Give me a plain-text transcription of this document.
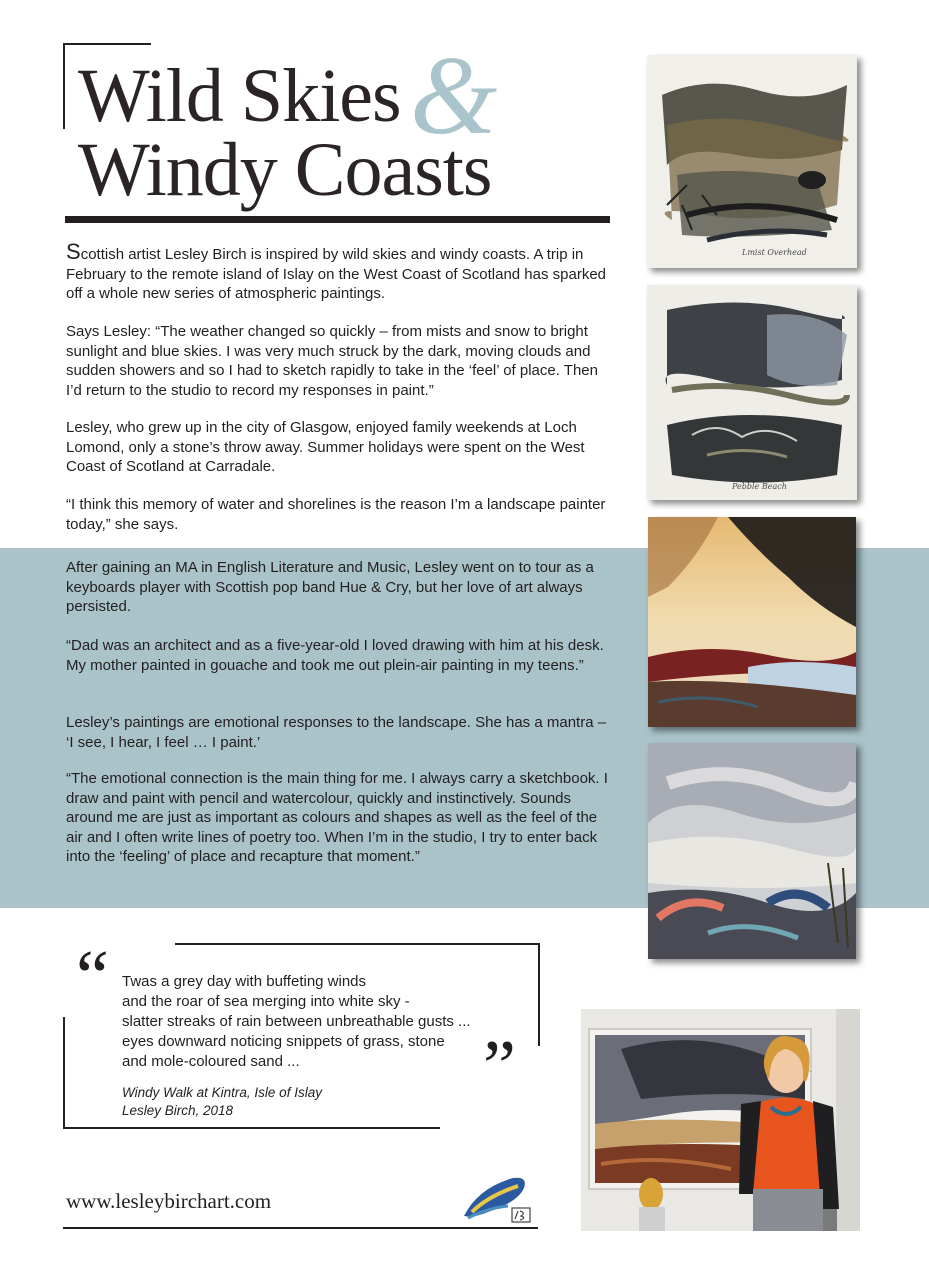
&
Wild Skies
Windy Coasts

Scottish artist Lesley Birch is inspired by wild skies and windy coasts. A trip in February to the remote island of Islay on the West Coast of Scotland has sparked off a whole new series of atmospheric paintings.

Says Lesley: “The weather changed so quickly – from mists and snow to bright sunlight and blue skies. I was very much struck by the dark, moving clouds and sudden showers and so I had to sketch rapidly to take in the ‘feel’ of place. Then I’d return to the studio to record my responses in paint.”

Lesley, who grew up in the city of Glasgow, enjoyed family weekends at Loch Lomond, only a stone’s throw away. Summer holidays were spent on the West Coast of Scotland at Carradale.

“I think this memory of water and shorelines is the reason I’m a landscape painter today,” she says.

After gaining an MA in English Literature and Music, Lesley went on to tour as a keyboards player with Scottish pop band Hue & Cry, but her love of art always persisted.

“Dad was an architect and as a five-year-old I loved drawing with him at his desk. My mother painted in gouache and took me out plein-air painting in my teens.”

Lesley’s paintings are emotional responses to the landscape. She has a mantra – ‘I see, I hear, I feel … I paint.’

“The emotional connection is the main thing for me. I always carry a sketchbook. I draw and paint with pencil and watercolour, quickly and instinctively. Sounds around me are just as important as colours and shapes as well as the feel of the air and I often write lines of poetry too. When I’m in the studio, I try to enter back into the ‘feeling’ of place and recapture that moment.”

Lmist Overhead
Pebble Beach
“ Twas a grey day with buffeting winds
and the roar of sea merging into white sky -
slatter streaks of rain between unbreathable gusts ...
eyes downward noticing snippets of grass, stone
and mole-coloured sand ...	”
Windy Walk at Kintra, Isle of Islay
Lesley Birch, 2018
www.lesleybirchart.com
